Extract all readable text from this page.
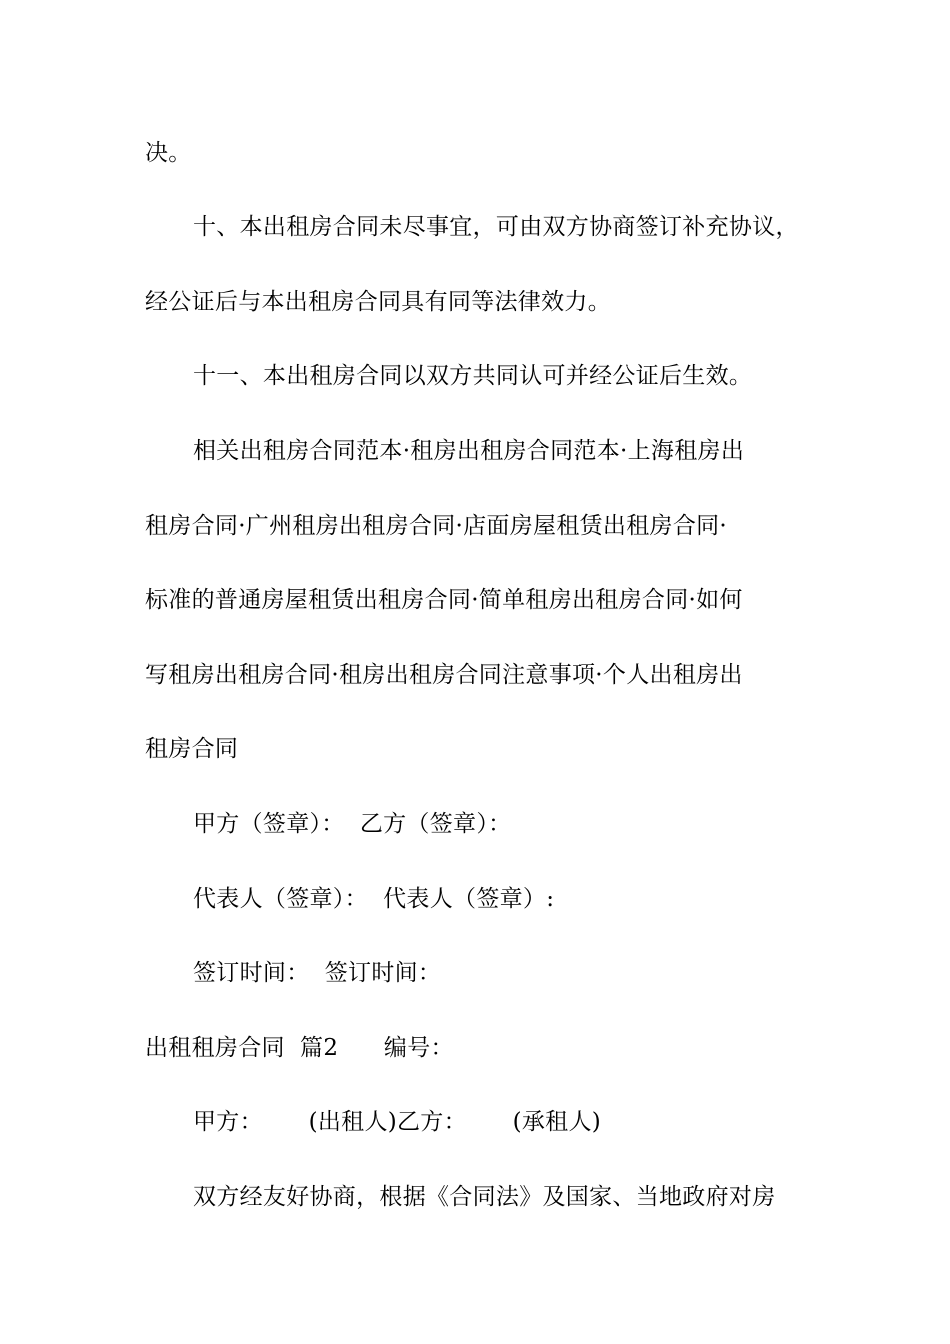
决。
十、本出租房合同未尽事宜，可由双方协商签订补充协议，
经公证后与本出租房合同具有同等法律效力。
十一、本出租房合同以双方共同认可并经公证后生效。
相关出租房合同范本·租房出租房合同范本·上海租房出
租房合同·广州租房出租房合同·店面房屋租赁出租房合同·
标准的普通房屋租赁出租房合同·简单租房出租房合同·如何
写租房出租房合同·租房出租房合同注意事项·个人出租房出
租房合同
甲方（签章）：  乙方（签章）：
代表人（签章）：  代表人（签章）:
签订时间：  签订时间：
出租租房合同  篇2      编号：
甲方：      (出租人)乙方：      (承租人)
双方经友好协商，根据《合同法》及国家、当地政府对房
